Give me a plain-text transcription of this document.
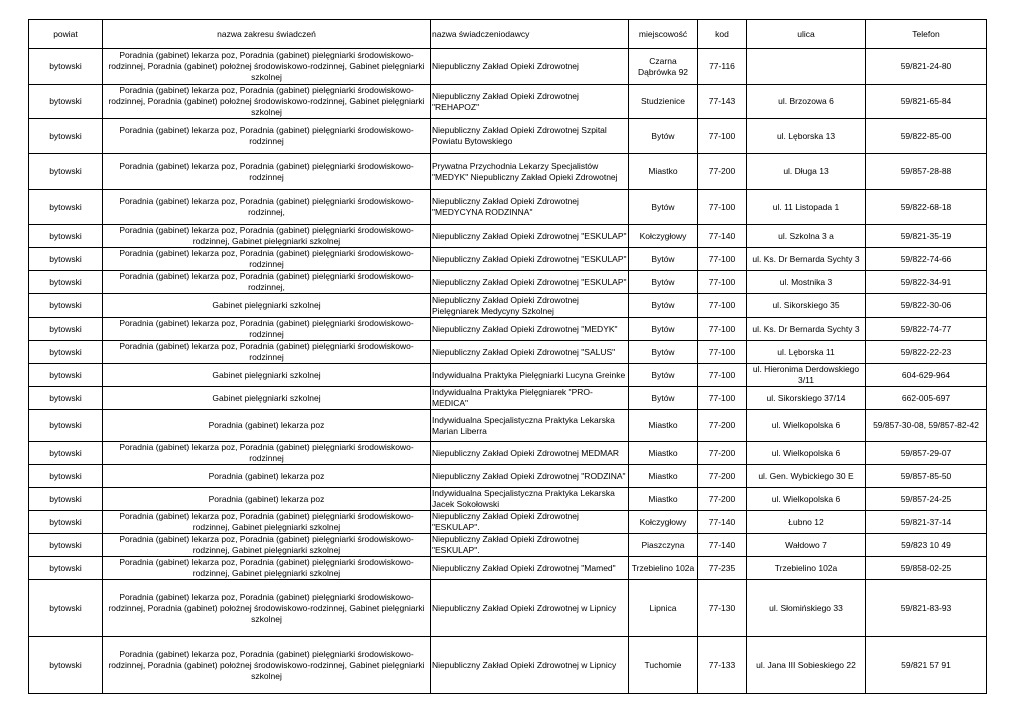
powiat	nazwa zakresu świadczeń	nazwa świadczeniodawcy	miejscowość	kod	ulica	Telefon
bytowski	Poradnia (gabinet) lekarza poz, Poradnia (gabinet) pielęgniarki środowiskowo-rodzinnej, Poradnia (gabinet) położnej środowiskowo-rodzinnej, Gabinet pielęgniarki szkolnej	Niepubliczny Zakład Opieki Zdrowotnej	Czarna Dąbrówka 92	77-116		59/821-24-80
bytowski	Poradnia (gabinet) lekarza poz, Poradnia (gabinet) pielęgniarki środowiskowo-rodzinnej, Poradnia (gabinet) położnej środowiskowo-rodzinnej, Gabinet pielęgniarki szkolnej	Niepubliczny Zakład Opieki Zdrowotnej "REHAPOZ"	Studzienice	77-143	ul. Brzozowa 6	59/821-65-84
bytowski	Poradnia (gabinet) lekarza poz, Poradnia (gabinet) pielęgniarki środowiskowo-rodzinnej	Niepubliczny Zakład Opieki Zdrowotnej Szpital Powiatu Bytowskiego	Bytów	77-100	ul. Lęborska 13	59/822-85-00
bytowski	Poradnia (gabinet) lekarza poz, Poradnia (gabinet) pielęgniarki środowiskowo-rodzinnej	Prywatna Przychodnia Lekarzy Specjalistów "MEDYK" Niepubliczny Zakład Opieki Zdrowotnej	Miastko	77-200	ul. Długa 13	59/857-28-88
bytowski	Poradnia (gabinet) lekarza poz, Poradnia (gabinet) pielęgniarki środowiskowo-rodzinnej,	Niepubliczny Zakład Opieki Zdrowotnej "MEDYCYNA RODZINNA"	Bytów	77-100	ul. 11 Listopada 1	59/822-68-18
bytowski	Poradnia (gabinet) lekarza poz, Poradnia (gabinet) pielęgniarki środowiskowo-rodzinnej, Gabinet pielęgniarki szkolnej	Niepubliczny Zakład Opieki Zdrowotnej "ESKULAP"	Kołczygłowy	77-140	ul. Szkolna 3 a	59/821-35-19
bytowski	Poradnia (gabinet) lekarza poz, Poradnia (gabinet) pielęgniarki środowiskowo-rodzinnej	Niepubliczny Zakład Opieki Zdrowotnej "ESKULAP"	Bytów	77-100	ul. Ks. Dr Bernarda Sychty 3	59/822-74-66
bytowski	Poradnia (gabinet) lekarza poz, Poradnia (gabinet) pielęgniarki środowiskowo-rodzinnej,	Niepubliczny Zakład Opieki Zdrowotnej "ESKULAP"	Bytów	77-100	ul. Mostnika 3	59/822-34-91
bytowski	Gabinet pielęgniarki szkolnej	Niepubliczny Zakład Opieki Zdrowotnej Pielęgniarek Medycyny Szkolnej	Bytów	77-100	ul. Sikorskiego 35	59/822-30-06
bytowski	Poradnia (gabinet) lekarza poz, Poradnia (gabinet) pielęgniarki środowiskowo-rodzinnej	Niepubliczny Zakład Opieki Zdrowotnej "MEDYK"	Bytów	77-100	ul. Ks. Dr Bernarda Sychty 3	59/822-74-77
bytowski	Poradnia (gabinet) lekarza poz, Poradnia (gabinet) pielęgniarki środowiskowo-rodzinnej	Niepubliczny Zakład Opieki Zdrowotnej "SALUS"	Bytów	77-100	ul. Lęborska 11	59/822-22-23
bytowski	Gabinet pielęgniarki szkolnej	Indywidualna Praktyka Pielęgniarki Lucyna Greinke	Bytów	77-100	ul. Hieronima Derdowskiego 3/11	604-629-964
bytowski	Gabinet pielęgniarki szkolnej	Indywidualna Praktyka Pielęgniarek "PRO-MEDICA"	Bytów	77-100	ul. Sikorskiego 37/14	662-005-697
bytowski	Poradnia (gabinet) lekarza poz	Indywidualna Specjalistyczna Praktyka Lekarska Marian Liberra	Miastko	77-200	ul. Wielkopolska 6	59/857-30-08, 59/857-82-42
bytowski	Poradnia (gabinet) lekarza poz, Poradnia (gabinet) pielęgniarki środowiskowo-rodzinnej	Niepubliczny Zakład Opieki Zdrowotnej MEDMAR	Miastko	77-200	ul. Wielkopolska 6	59/857-29-07
bytowski	Poradnia (gabinet) lekarza poz	Niepubliczny Zakład Opieki Zdrowotnej "RODZINA"	Miastko	77-200	ul. Gen. Wybickiego 30 E	59/857-85-50
bytowski	Poradnia (gabinet) lekarza poz	Indywidualna Specjalistyczna Praktyka Lekarska Jacek Sokołowski	Miastko	77-200	ul. Wielkopolska 6	59/857-24-25
bytowski	Poradnia (gabinet) lekarza poz, Poradnia (gabinet) pielęgniarki środowiskowo-rodzinnej, Gabinet pielęgniarki szkolnej	Niepubliczny Zakład Opieki Zdrowotnej "ESKULAP".	Kołczygłowy	77-140	Łubno 12	59/821-37-14
bytowski	Poradnia (gabinet) lekarza poz, Poradnia (gabinet) pielęgniarki środowiskowo-rodzinnej, Gabinet pielęgniarki szkolnej	Niepubliczny Zakład Opieki Zdrowotnej "ESKULAP".	Piaszczyna	77-140	Wałdowo 7	59/823 10 49
bytowski	Poradnia (gabinet) lekarza poz, Poradnia (gabinet) pielęgniarki środowiskowo-rodzinnej, Gabinet pielęgniarki szkolnej	Niepubliczny Zakład Opieki Zdrowotnej "Mamed"	Trzebielino 102a	77-235	Trzebielino 102a	59/858-02-25
bytowski	Poradnia (gabinet) lekarza poz, Poradnia (gabinet) pielęgniarki środowiskowo-rodzinnej, Poradnia (gabinet) położnej środowiskowo-rodzinnej, Gabinet pielęgniarki szkolnej	Niepubliczny Zakład Opieki Zdrowotnej w Lipnicy	Lipnica	77-130	ul. Słomińskiego 33	59/821-83-93
bytowski	Poradnia (gabinet) lekarza poz, Poradnia (gabinet) pielęgniarki środowiskowo-rodzinnej, Poradnia (gabinet) położnej środowiskowo-rodzinnej, Gabinet pielęgniarki szkolnej	Niepubliczny Zakład Opieki Zdrowotnej w Lipnicy	Tuchomie	77-133	ul. Jana III Sobieskiego 22	59/821 57 91
